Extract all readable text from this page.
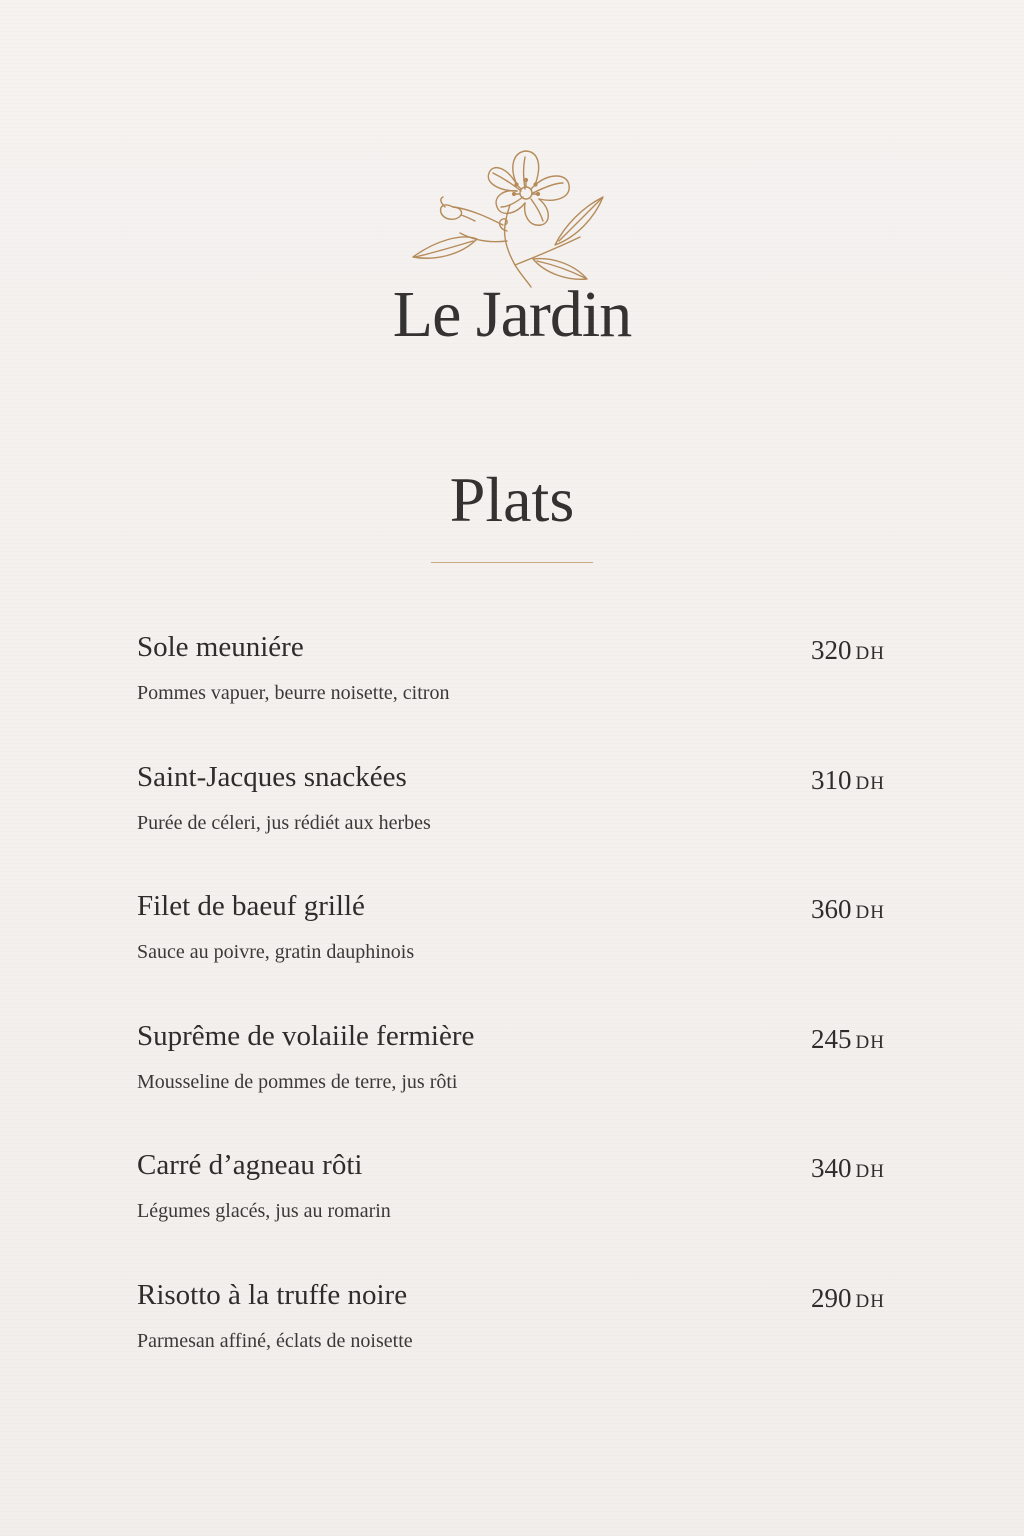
Le Jardin
Plats
Sole meuniére	320 DH
Pommes vapuer, beurre noisette, citron
Saint-Jacques snackées	310 DH
Purée de céleri, jus rédiét aux herbes
Filet de baeuf grillé	360 DH
Sauce au poivre, gratin dauphinois
Suprême de volaiile fermière	245 DH
Mousseline de pommes de terre, jus rôti
Carré d’agneau rôti	340 DH
Légumes glacés, jus au romarin
Risotto à la truffe noire	290 DH
Parmesan affiné, éclats de noisette
